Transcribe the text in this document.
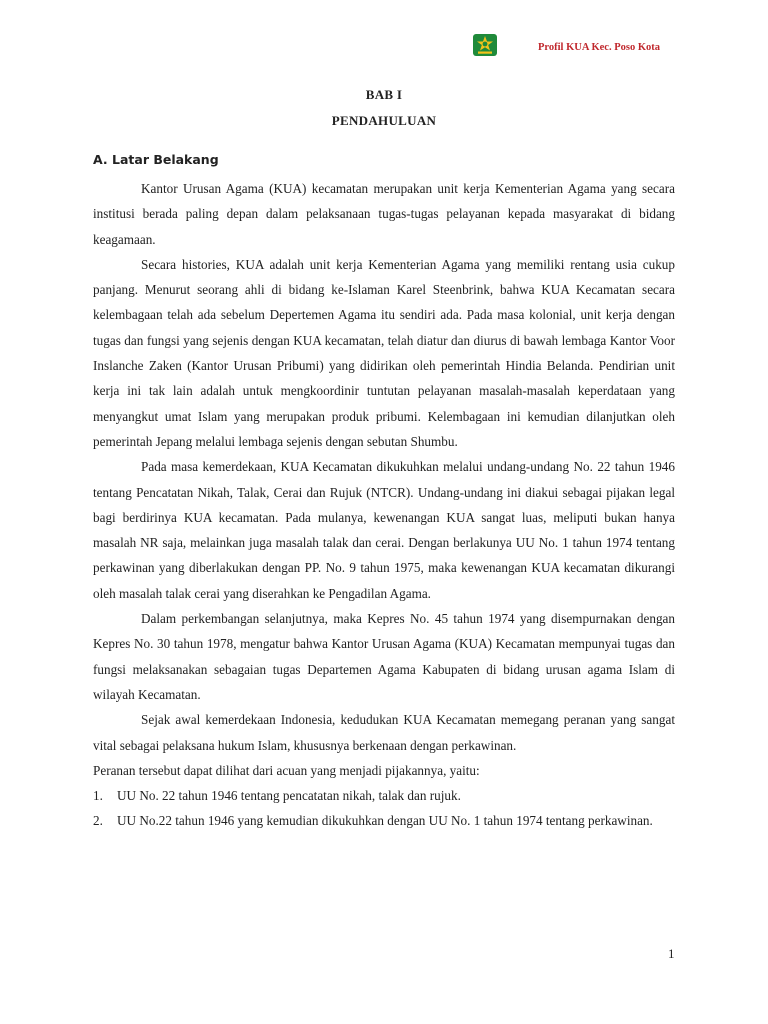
Profil KUA Kec. Poso Kota
BAB I
PENDAHULUAN
A. Latar Belakang

Kantor Urusan Agama (KUA) kecamatan merupakan unit kerja Kementerian Agama yang secara institusi berada paling depan dalam pelaksanaan tugas-tugas pelayanan kepada masyarakat di bidang keagamaan.

Secara histories, KUA adalah unit kerja Kementerian Agama yang memiliki rentang usia cukup panjang. Menurut seorang ahli di bidang ke-Islaman Karel Steenbrink, bahwa KUA Kecamatan secara kelembagaan telah ada sebelum Depertemen Agama itu sendiri ada. Pada masa kolonial, unit kerja dengan tugas dan fungsi yang sejenis dengan KUA kecamatan, telah diatur dan diurus di bawah lembaga Kantor Voor Inslanche Zaken (Kantor Urusan Pribumi) yang didirikan oleh pemerintah Hindia Belanda. Pendirian unit kerja ini tak lain adalah untuk mengkoordinir tuntutan pelayanan masalah-masalah keperdataan yang menyangkut umat Islam yang merupakan produk pribumi. Kelembagaan ini kemudian dilanjutkan oleh pemerintah Jepang melalui lembaga sejenis dengan sebutan Shumbu.

Pada masa kemerdekaan, KUA Kecamatan dikukuhkan melalui undang-undang No. 22 tahun 1946 tentang Pencatatan Nikah, Talak, Cerai dan Rujuk (NTCR). Undang-undang ini diakui sebagai pijakan legal bagi berdirinya KUA kecamatan. Pada mulanya, kewenangan KUA sangat luas, meliputi bukan hanya masalah NR saja, melainkan juga masalah talak dan cerai. Dengan berlakunya UU No. 1 tahun 1974 tentang perkawinan yang diberlakukan dengan PP. No. 9 tahun 1975, maka kewenangan KUA kecamatan dikurangi oleh masalah talak cerai yang diserahkan ke Pengadilan Agama.

Dalam perkembangan selanjutnya, maka Kepres No. 45 tahun 1974 yang disempurnakan dengan Kepres No. 30 tahun 1978, mengatur bahwa Kantor Urusan Agama (KUA) Kecamatan mempunyai tugas dan fungsi melaksanakan sebagaian tugas Departemen Agama Kabupaten di bidang urusan agama Islam di wilayah Kecamatan.

Sejak awal kemerdekaan Indonesia, kedudukan KUA Kecamatan memegang peranan yang sangat vital sebagai pelaksana hukum Islam, khususnya berkenaan dengan perkawinan.

Peranan tersebut dapat dilihat dari acuan yang menjadi pijakannya, yaitu:

1. UU No. 22 tahun 1946 tentang pencatatan nikah, talak dan rujuk.
2. UU No.22 tahun 1946 yang kemudian dikukuhkan dengan UU No. 1 tahun 1974 tentang perkawinan.
1
